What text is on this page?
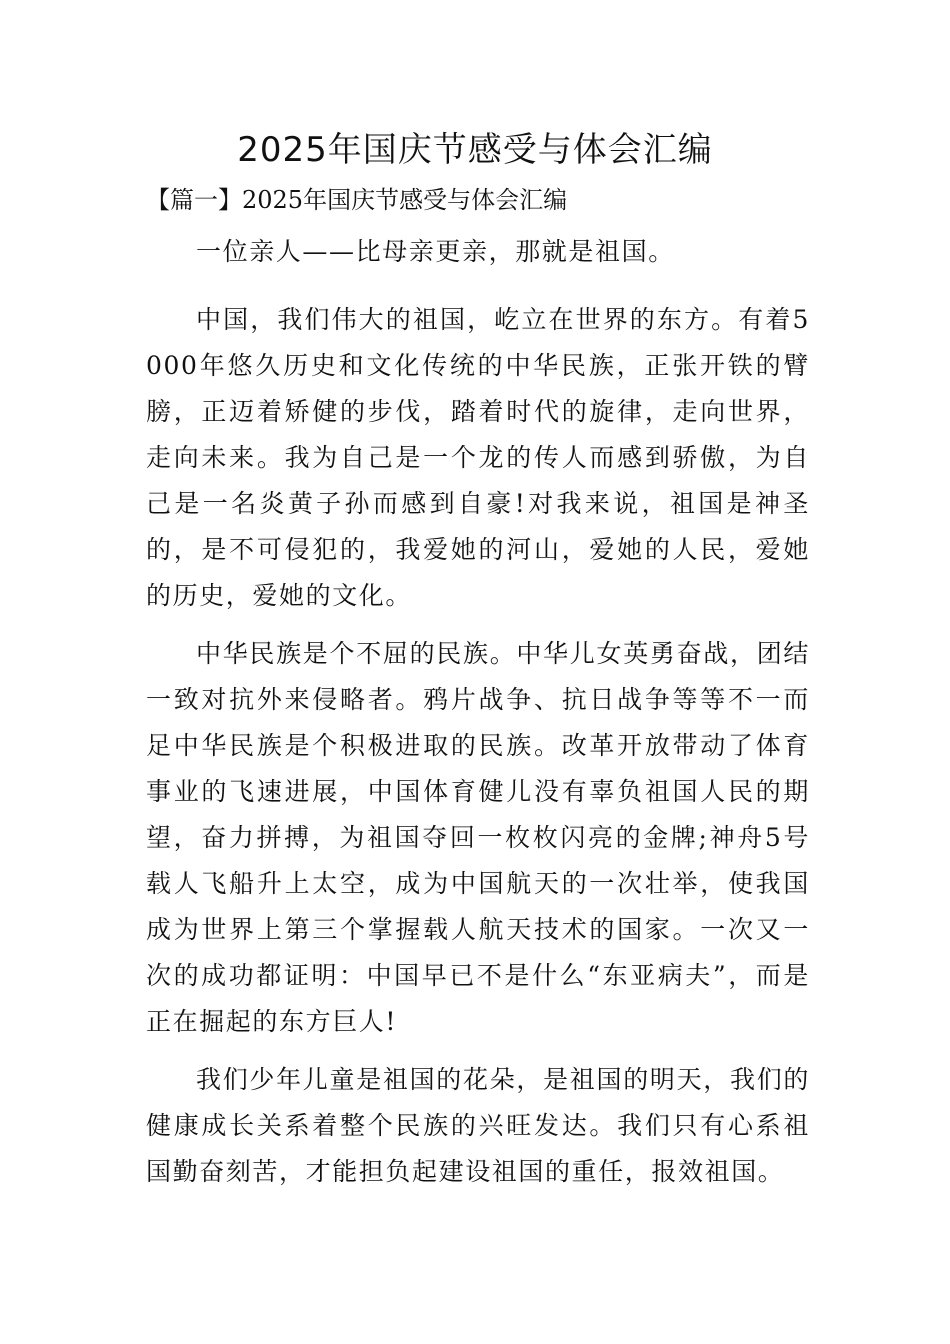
2025年国庆节感受与体会汇编
【篇一】2025年国庆节感受与体会汇编

一位亲人——比母亲更亲，那就是祖国。

中国，我们伟大的祖国，屹立在世界的东方。有着5000年悠久历史和文化传统的中华民族，正张开铁的臂膀，正迈着矫健的步伐，踏着时代的旋律，走向世界，走向未来。我为自己是一个龙的传人而感到骄傲，为自己是一名炎黄子孙而感到自豪!对我来说，祖国是神圣的，是不可侵犯的，我爱她的河山，爱她的人民，爱她的历史，爱她的文化。

中华民族是个不屈的民族。中华儿女英勇奋战，团结一致对抗外来侵略者。鸦片战争、抗日战争等等不一而足中华民族是个积极进取的民族。改革开放带动了体育事业的飞速进展，中国体育健儿没有辜负祖国人民的期望，奋力拼搏，为祖国夺回一枚枚闪亮的金牌;神舟5号载人飞船升上太空，成为中国航天的一次壮举，使我国成为世界上第三个掌握载人航天技术的国家。一次又一次的成功都证明：中国早已不是什么“东亚病夫”，而是正在掘起的东方巨人!

我们少年儿童是祖国的花朵，是祖国的明天，我们的健康成长关系着整个民族的兴旺发达。我们只有心系祖国勤奋刻苦，才能担负起建设祖国的重任，报效祖国。
